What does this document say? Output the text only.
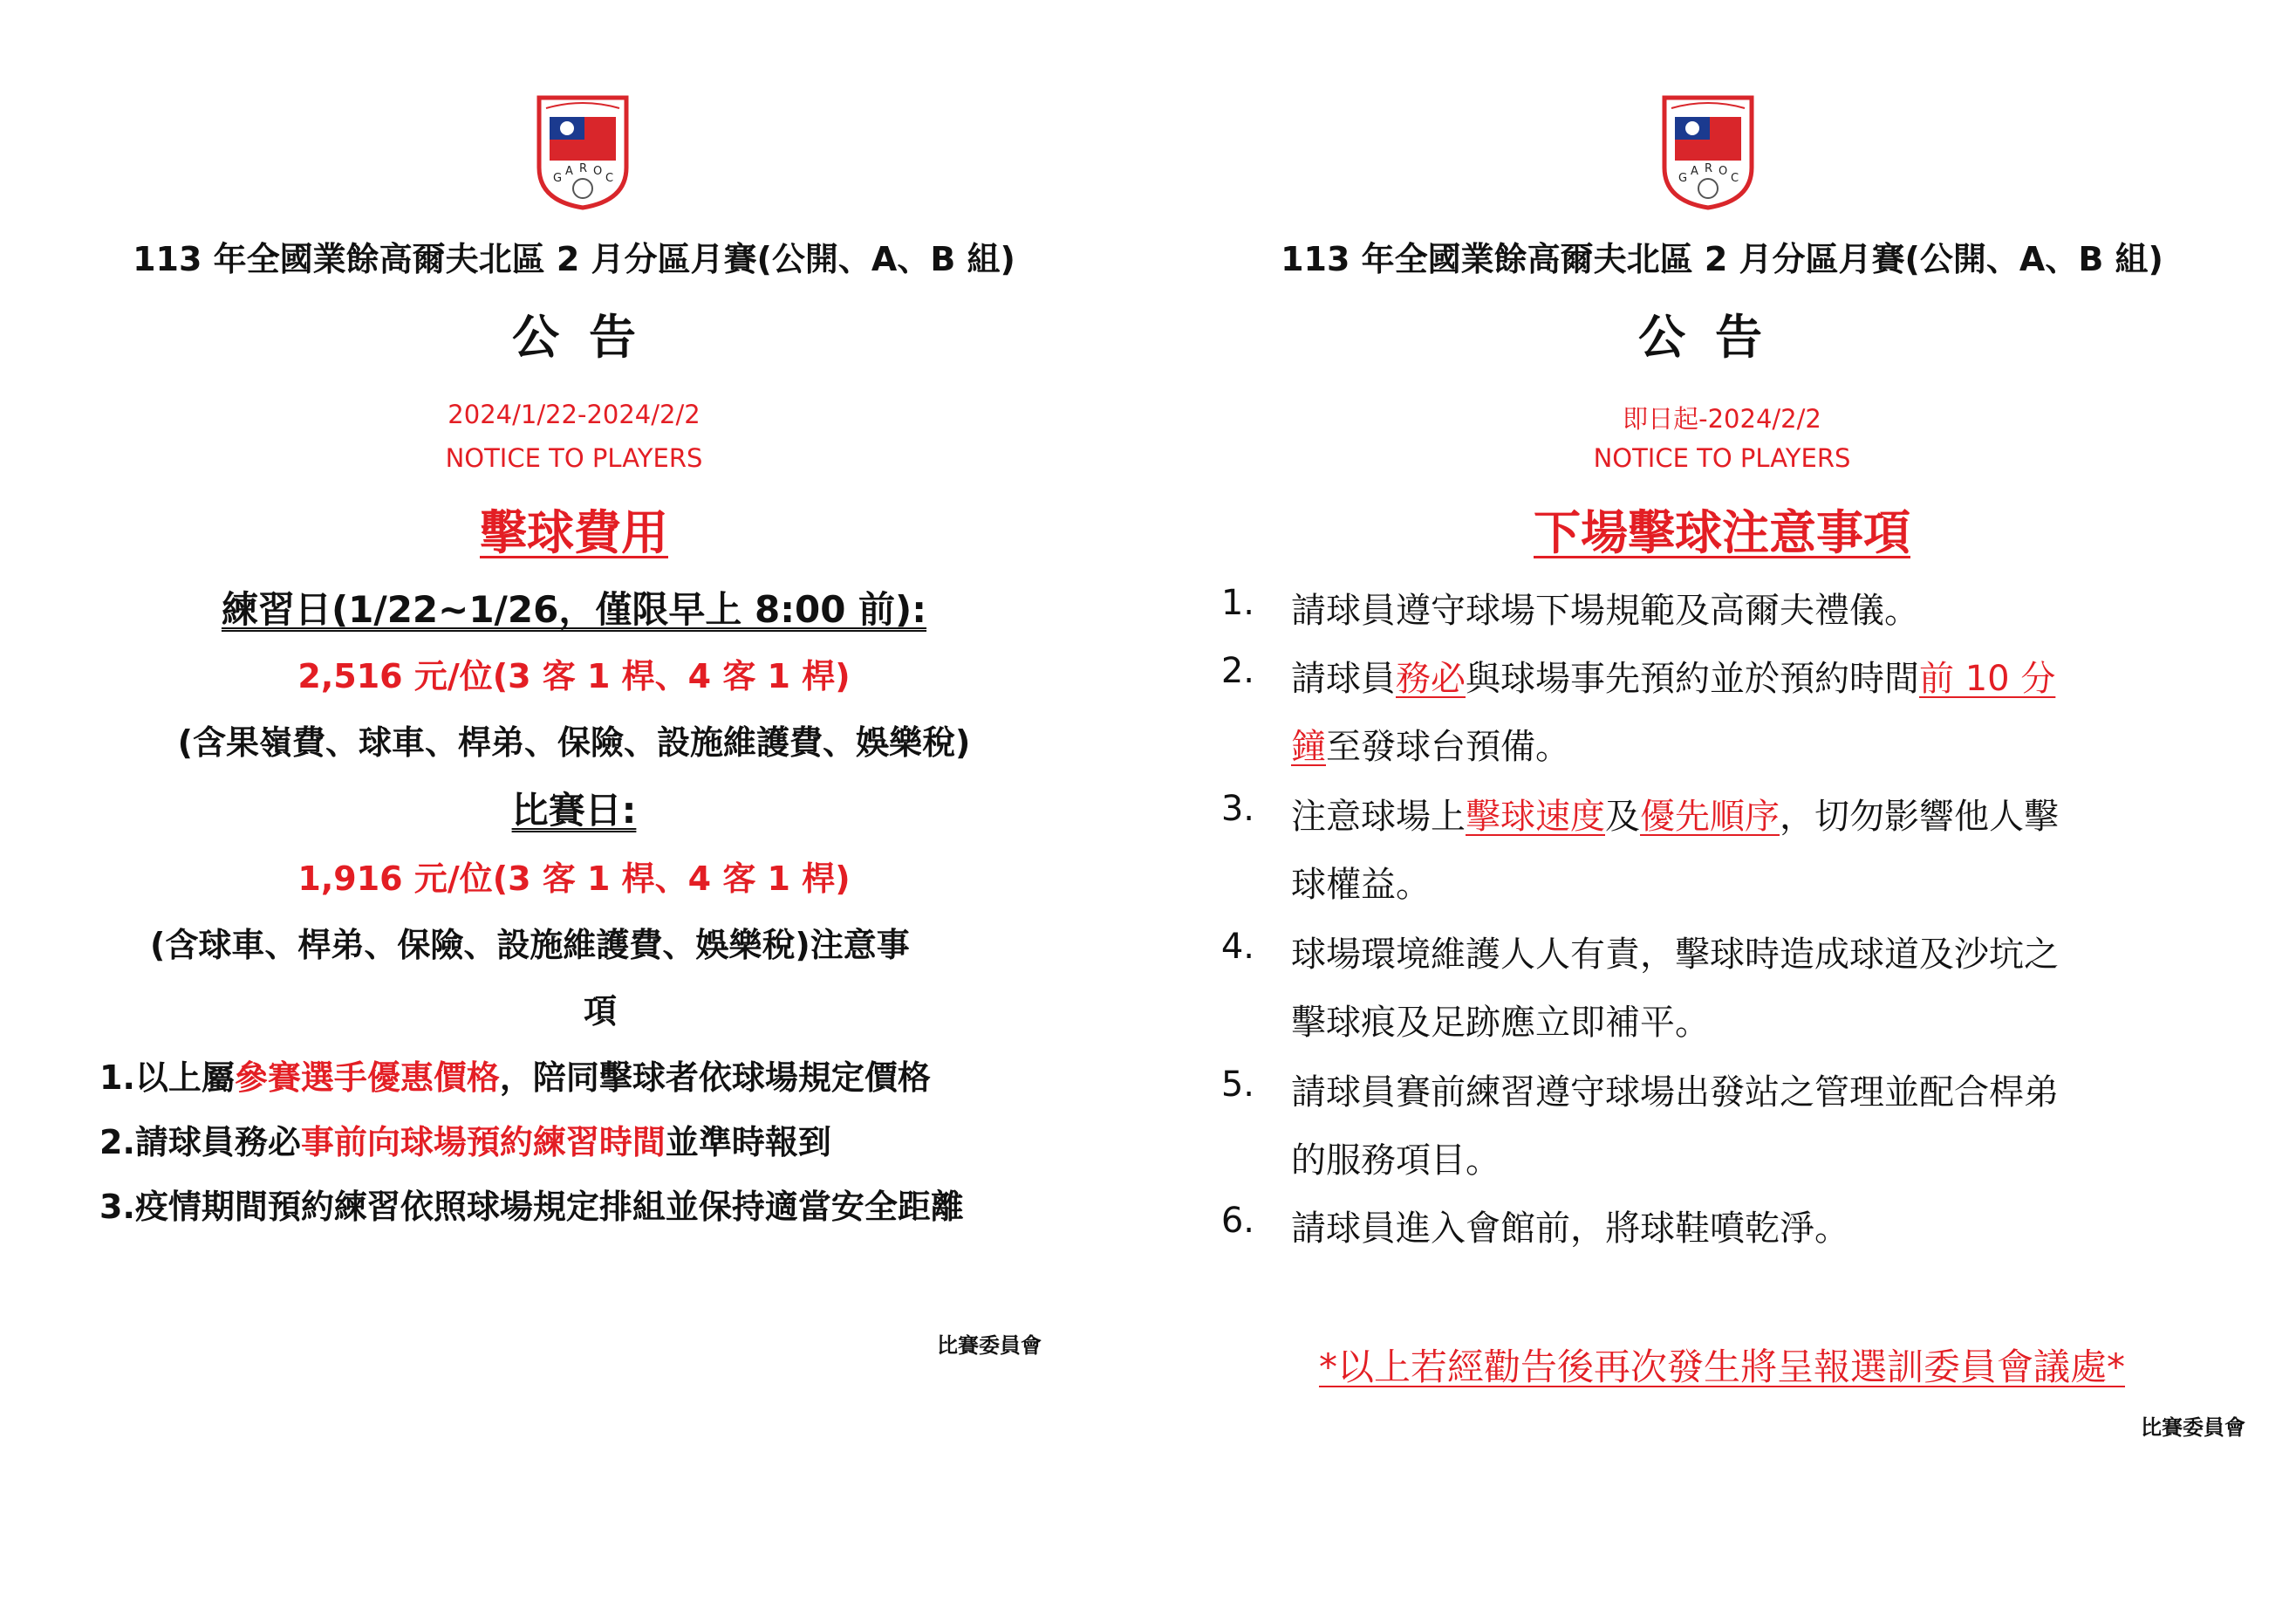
G
A R O
C
113 年全國業餘高爾夫北區 2 月分區月賽(公開、A、B 組)
公告
2024/1/22-2024/2/2
NOTICE TO PLAYERS
擊球費用
練習日(1/22~1/26，僅限早上 8:00 前):
2,516 元/位(3 客 1 桿、4 客 1 桿)
(含果嶺費、球車、桿弟、保險、設施維護費、娛樂稅)
比賽日:
1,916 元/位(3 客 1 桿、4 客 1 桿)
(含球車、桿弟、保險、設施維護費、娛樂稅)注意事
項
1.以上屬參賽選手優惠價格，陪同擊球者依球場規定價格
2.請球員務必事前向球場預約練習時間並準時報到
3.疫情期間預約練習依照球場規定排組並保持適當安全距離
比賽委員會
G
A R O
C
113 年全國業餘高爾夫北區 2 月分區月賽(公開、A、B 組)
公告
即日起-2024/2/2
NOTICE TO PLAYERS
下場擊球注意事項
1. 請球員遵守球場下場規範及高爾夫禮儀。
2. 請球員務必與球場事先預約並於預約時間前 10 分
鐘至發球台預備。
3. 注意球場上擊球速度及優先順序，切勿影響他人擊
球權益。
4. 球場環境維護人人有責，擊球時造成球道及沙坑之
擊球痕及足跡應立即補平。
5. 請球員賽前練習遵守球場出發站之管理並配合桿弟
的服務項目。
6. 請球員進入會館前，將球鞋噴乾淨。
*以上若經勸告後再次發生將呈報選訓委員會議處*
比賽委員會
